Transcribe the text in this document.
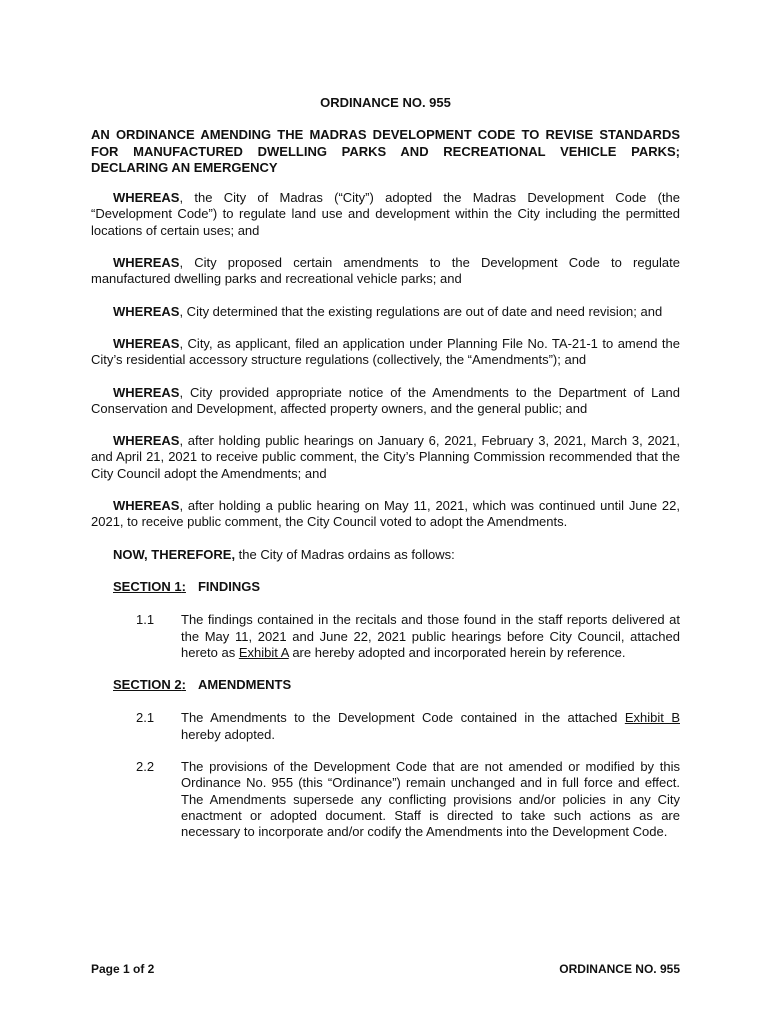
ORDINANCE NO. 955
AN ORDINANCE AMENDING THE MADRAS DEVELOPMENT CODE TO REVISE STANDARDS FOR MANUFACTURED DWELLING PARKS AND RECREATIONAL VEHICLE PARKS; DECLARING AN EMERGENCY

WHEREAS, the City of Madras (“City”) adopted the Madras Development Code (the “Development Code”) to regulate land use and development within the City including the permitted locations of certain uses; and

WHEREAS, City proposed certain amendments to the Development Code to regulate manufactured dwelling parks and recreational vehicle parks; and

WHEREAS, City determined that the existing regulations are out of date and need revision; and

WHEREAS, City, as applicant, filed an application under Planning File No. TA-21-1 to amend the City’s residential accessory structure regulations (collectively, the “Amendments”); and

WHEREAS, City provided appropriate notice of the Amendments to the Department of Land Conservation and Development, affected property owners, and the general public; and

WHEREAS, after holding public hearings on January 6, 2021, February 3, 2021, March 3, 2021, and April 21, 2021 to receive public comment, the City’s Planning Commission recommended that the City Council adopt the Amendments; and

WHEREAS, after holding a public hearing on May 11, 2021, which was continued until June 22, 2021, to receive public comment, the City Council voted to adopt the Amendments.

NOW, THEREFORE, the City of Madras ordains as follows:

SECTION 1: FINDINGS
1.1	The findings contained in the recitals and those found in the staff reports delivered at the May 11, 2021 and June 22, 2021 public hearings before City Council, attached hereto as Exhibit A are hereby adopted and incorporated herein by reference.
SECTION 2: AMENDMENTS
2.1	The Amendments to the Development Code contained in the attached Exhibit B hereby adopted.
2.2	The provisions of the Development Code that are not amended or modified by this Ordinance No. 955 (this “Ordinance”) remain unchanged and in full force and effect. The Amendments supersede any conflicting provisions and/or policies in any City enactment or adopted document. Staff is directed to take such actions as are necessary to incorporate and/or codify the Amendments into the Development Code.
Page 1 of 2	ORDINANCE NO. 955
